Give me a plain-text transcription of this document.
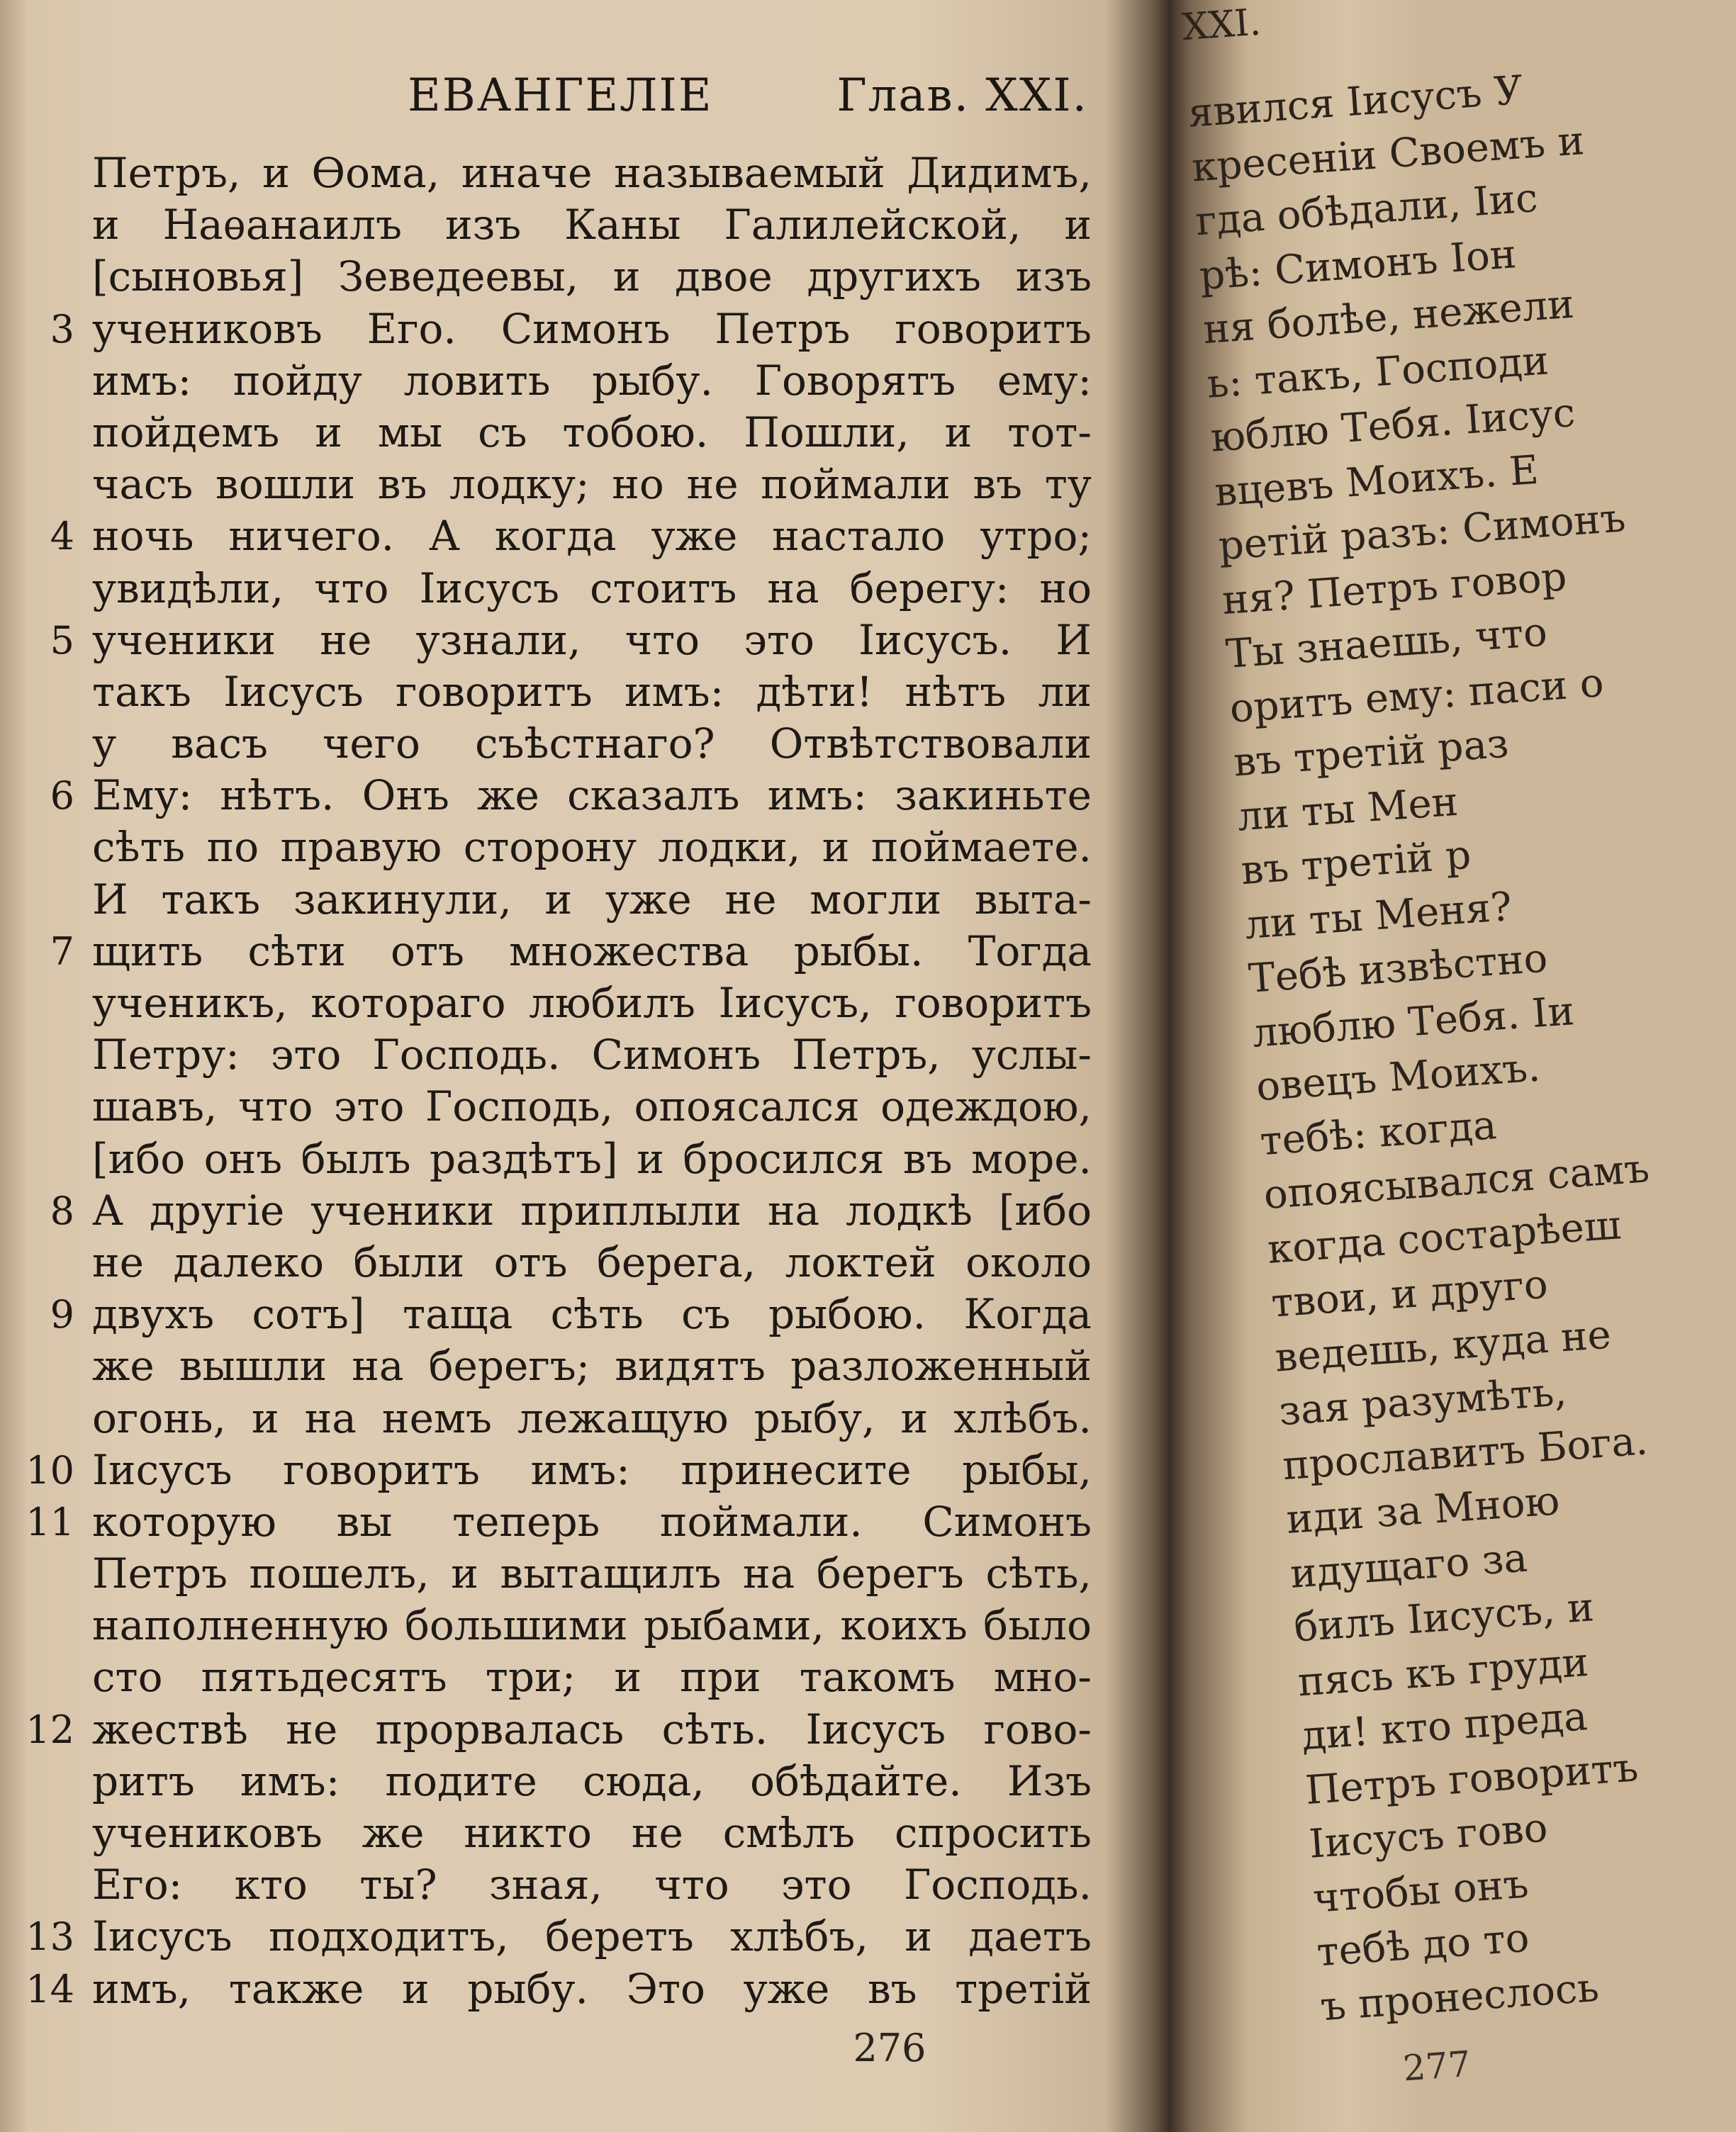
ЕВАНГЕЛІЕ	Глав. XXI.
Петръ, и Ѳома, иначе называемый Дидимъ,
и Наѳанаилъ изъ Каны Галилейской, и
[сыновья] Зеведеевы, и двое другихъ изъ
3 учениковъ Его. Симонъ Петръ говоритъ
имъ: пойду ловить рыбу. Говорятъ ему:
пойдемъ и мы съ тобою. Пошли, и тот-
часъ вошли въ лодку; но не поймали въ ту
4 ночь ничего. А когда уже настало утро;
увидѣли, что Іисусъ стоитъ на берегу: но
5 ученики не узнали, что это Іисусъ. И
такъ Іисусъ говоритъ имъ: дѣти! нѣтъ ли
у васъ чего съѣстнаго? Отвѣтствовали
6 Ему: нѣтъ. Онъ же сказалъ имъ: закиньте
сѣть по правую сторону лодки, и поймаете.
И такъ закинули, и уже не могли выта-
7 щить сѣти отъ множества рыбы. Тогда
ученикъ, котораго любилъ Іисусъ, говоритъ
Петру: это Господь. Симонъ Петръ, услы-
шавъ, что это Господь, опоясался одеждою,
[ибо онъ былъ раздѣтъ] и бросился въ море.
8 А другіе ученики приплыли на лодкѣ [ибо
не далеко были отъ берега, локтей около
9 двухъ сотъ] таща сѣть съ рыбою. Когда
же вышли на берегъ; видятъ разложенный
огонь, и на немъ лежащую рыбу, и хлѣбъ.
10 Іисусъ говоритъ имъ: принесите рыбы,
11 которую вы теперь поймали. Симонъ
Петръ пошелъ, и вытащилъ на берегъ сѣть,
наполненную большими рыбами, коихъ было
сто пятьдесятъ три; и при такомъ мно-
12 жествѣ не прорвалась сѣть. Іисусъ гово-
ритъ имъ: подите сюда, обѣдайте. Изъ
учениковъ же никто не смѣлъ спросить
Его: кто ты? зная, что это Господь.
13 Іисусъ подходитъ, беретъ хлѣбъ, и даетъ
14 имъ, также и рыбу. Это уже въ третій
276
XXI.
277
явился Іисусъ У
кресеніи Своемъ и
гда обѣдали, Іис
рѣ: Симонъ Іон
ня болѣе, нежели
ь: такъ, Господи
юблю Тебя. Іисус
вцевъ Моихъ. Е
ретій разъ: Симонъ
ня? Петръ говор
Ты знаешь, что
оритъ ему: паси о
въ третій раз
ли ты Мен
въ третій р
ли ты Меня?
Тебѣ извѣстно
люблю Тебя. Іи
овецъ Моихъ.
тебѣ: когда
опоясывался самъ
когда состарѣеш
твои, и друго
ведешь, куда не
зая разумѣть,
прославитъ Бога.
иди за Мною
идущаго за
билъ Іисусъ, и
пясь къ груди
ди! кто преда
Петръ говоритъ
Іисусъ гово
чтобы онъ
тебѣ до то
ъ пронеслось
